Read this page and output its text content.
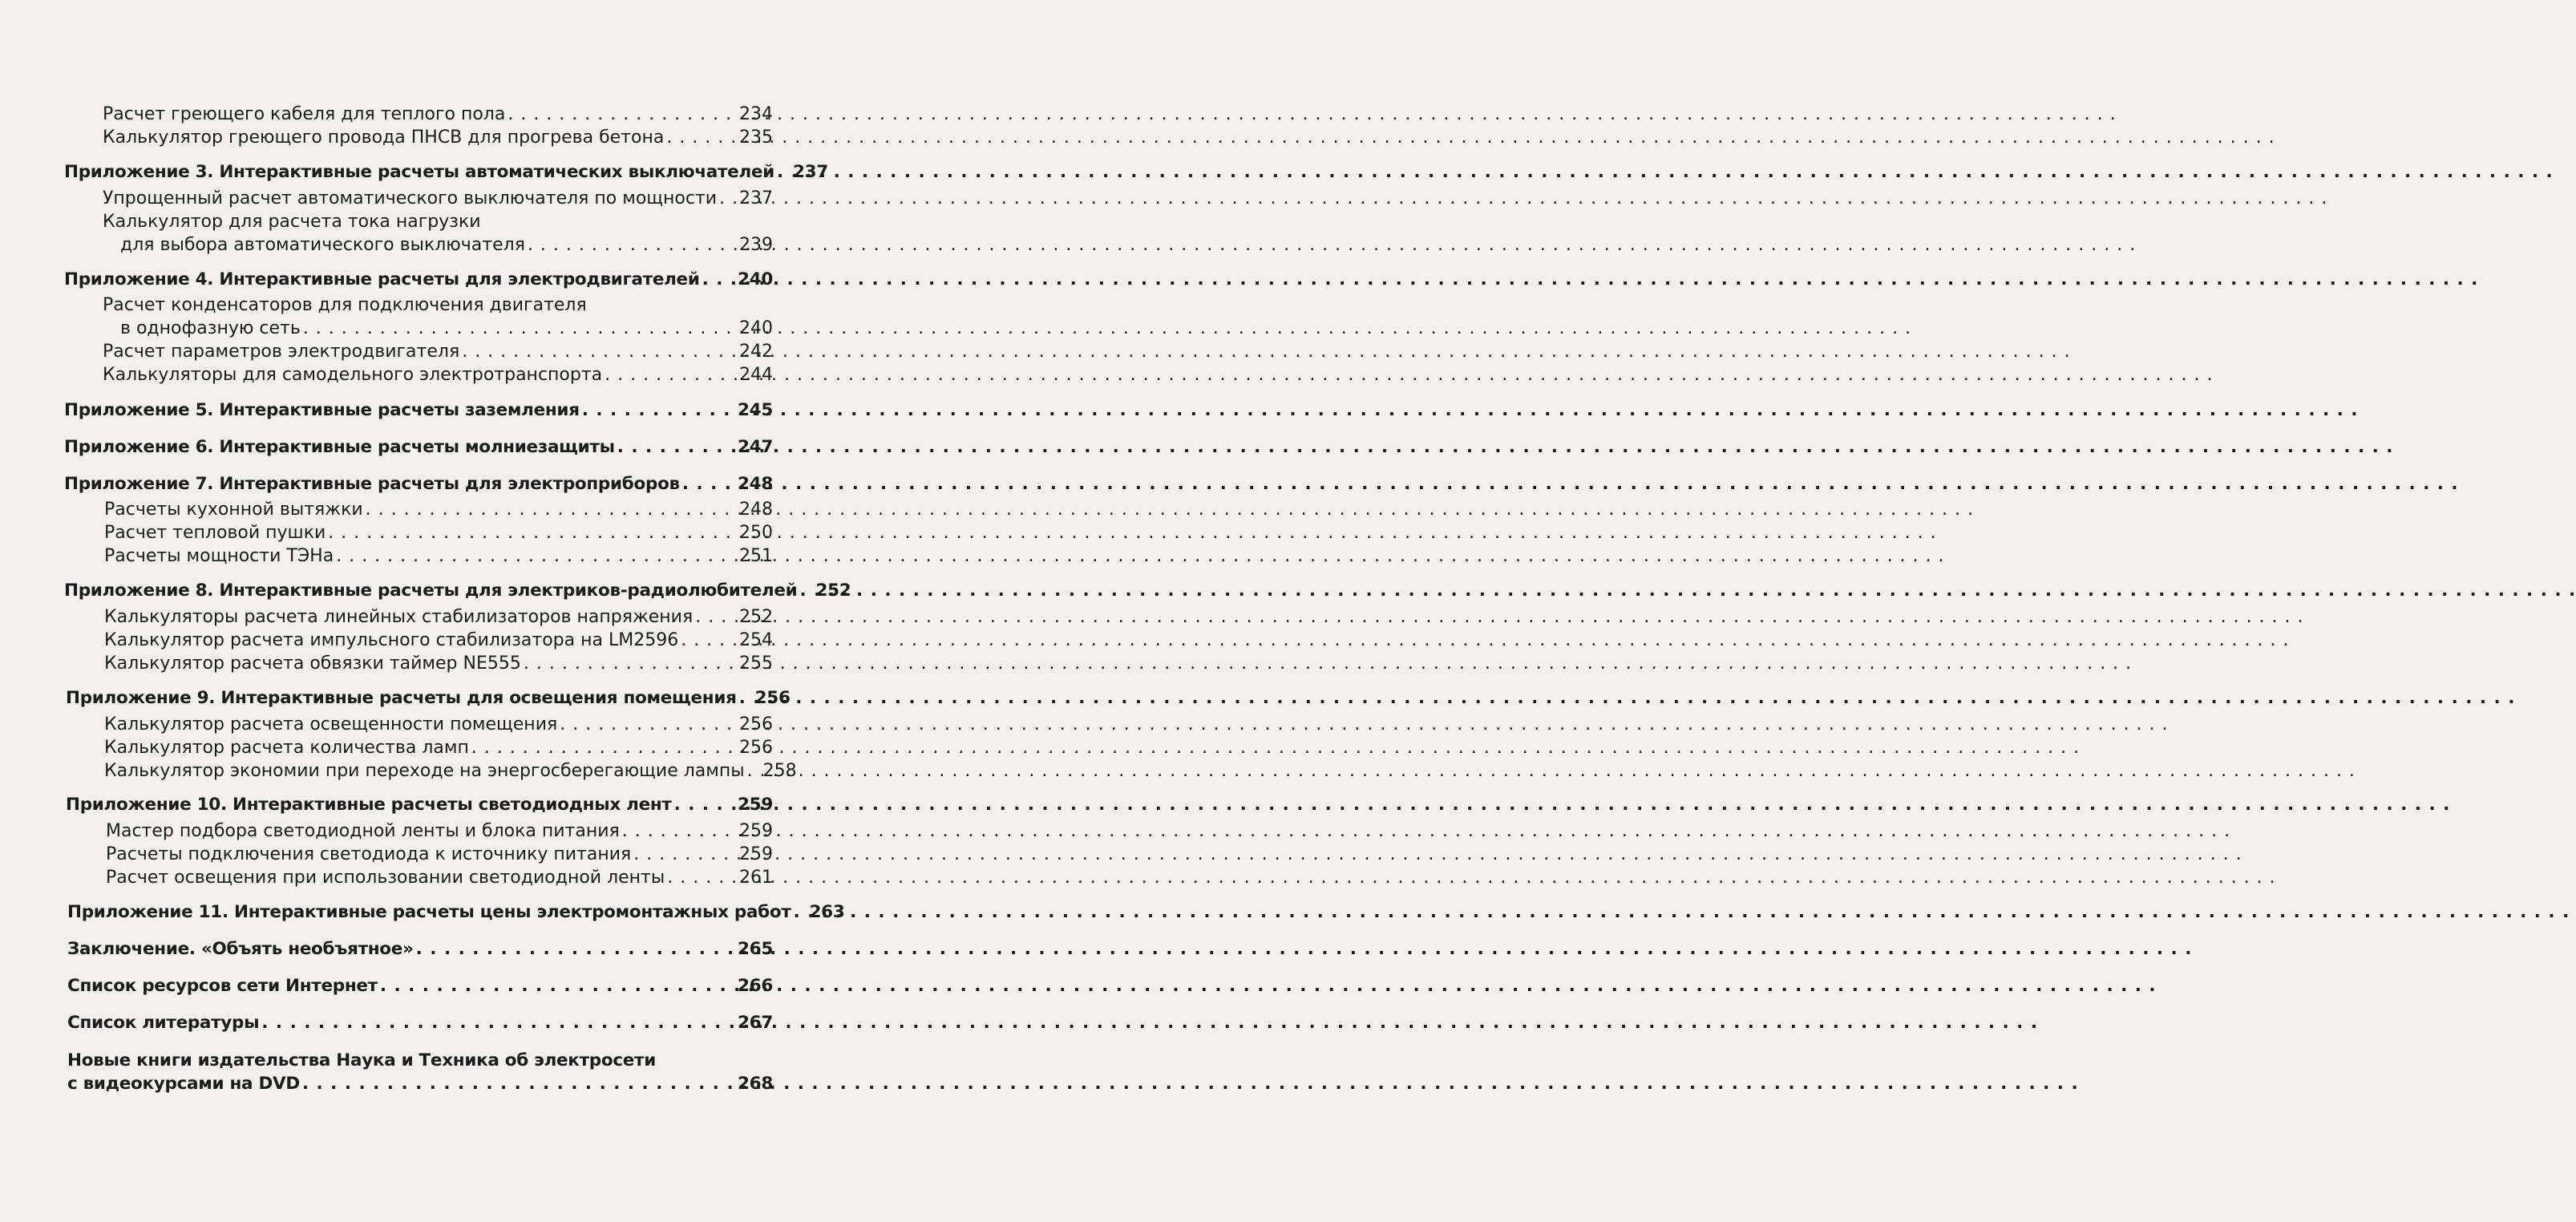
Расчет греющего кабеля для теплого пола . . .	234
Калькулятор греющего провода ПНСВ для прогрева бетона . . .	235
Приложение 3. Интерактивные расчеты автоматических выключателей . . . 237
Упрощенный расчет автоматического выключателя по мощности . . . 237
Калькулятор для расчета тока нагрузки
для выбора автоматического выключателя . . .	239
Приложение 4. Интерактивные расчеты для электродвигателей . . . 240
Расчет конденсаторов для подключения двигателя
в однофазную сеть . . .	240
Расчет параметров электродвигателя . . .	242
Калькуляторы для самодельного электротранспорта . . .	244
Приложение 5. Интерактивные расчеты заземления . . .	245
Приложение 6. Интерактивные расчеты молниезащиты . . .	247
Приложение 7. Интерактивные расчеты для электроприборов . . .	248
Расчеты кухонной вытяжки . . .	248
Расчет тепловой пушки . . .	250
Расчеты мощности ТЭНа . . .	251
Приложение 8. Интерактивные расчеты для электриков-радиолюбителей . . . 252
Калькуляторы расчета линейных стабилизаторов напряжения . . .	252
Калькулятор расчета импульсного стабилизатора на LM2596 . . .	254
Калькулятор расчета обвязки таймер NE555 . . .	255
Приложение 9. Интерактивные расчеты для освещения помещения . . . 256
Калькулятор расчета освещенности помещения . . .	256
Калькулятор расчета количества ламп . . .	256
Калькулятор экономии при переходе на энергосберегающие лампы . . . 258
Приложение 10. Интерактивные расчеты светодиодных лент . . .	259
Мастер подбора светодиодной ленты и блока питания . . .	259
Расчеты подключения светодиода к источнику питания . . .	259
Расчет освещения при использовании светодиодной ленты . . .	261
Приложение 11. Интерактивные расчеты цены электромонтажных работ . . . 263
Заключение. «Объять необъятное» . . .	265
Список ресурсов сети Интернет . . .	266
Список литературы . . .	267
Новые книги издательства Наука и Техника об электросети
с видеокурсами на DVD . . .	268
